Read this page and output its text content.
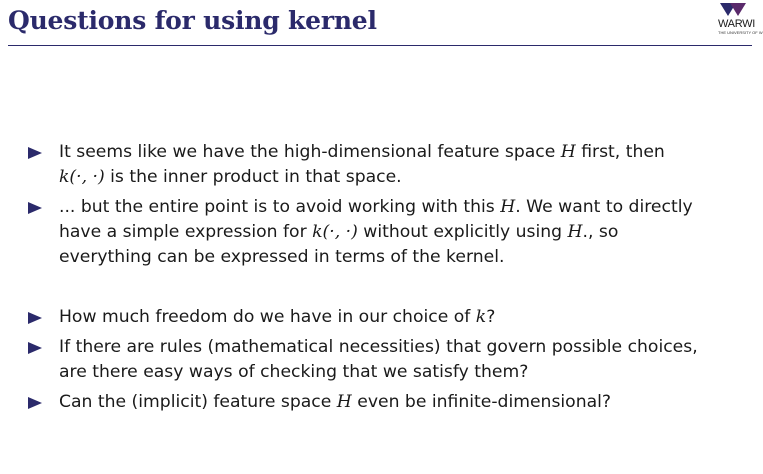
Questions for using kernel	WARWI
THE UNIVERSITY OF W
It seems like we have the high-dimensional feature space H first, then
k(·, ·) is the inner product in that space.
... but the entire point is to avoid working with this H. We want to directly
have a simple expression for k(·, ·) without explicitly using H., so
everything can be expressed in terms of the kernel.
How much freedom do we have in our choice of k?
If there are rules (mathematical necessities) that govern possible choices,
are there easy ways of checking that we satisfy them?
Can the (implicit) feature space H even be infinite-dimensional?
